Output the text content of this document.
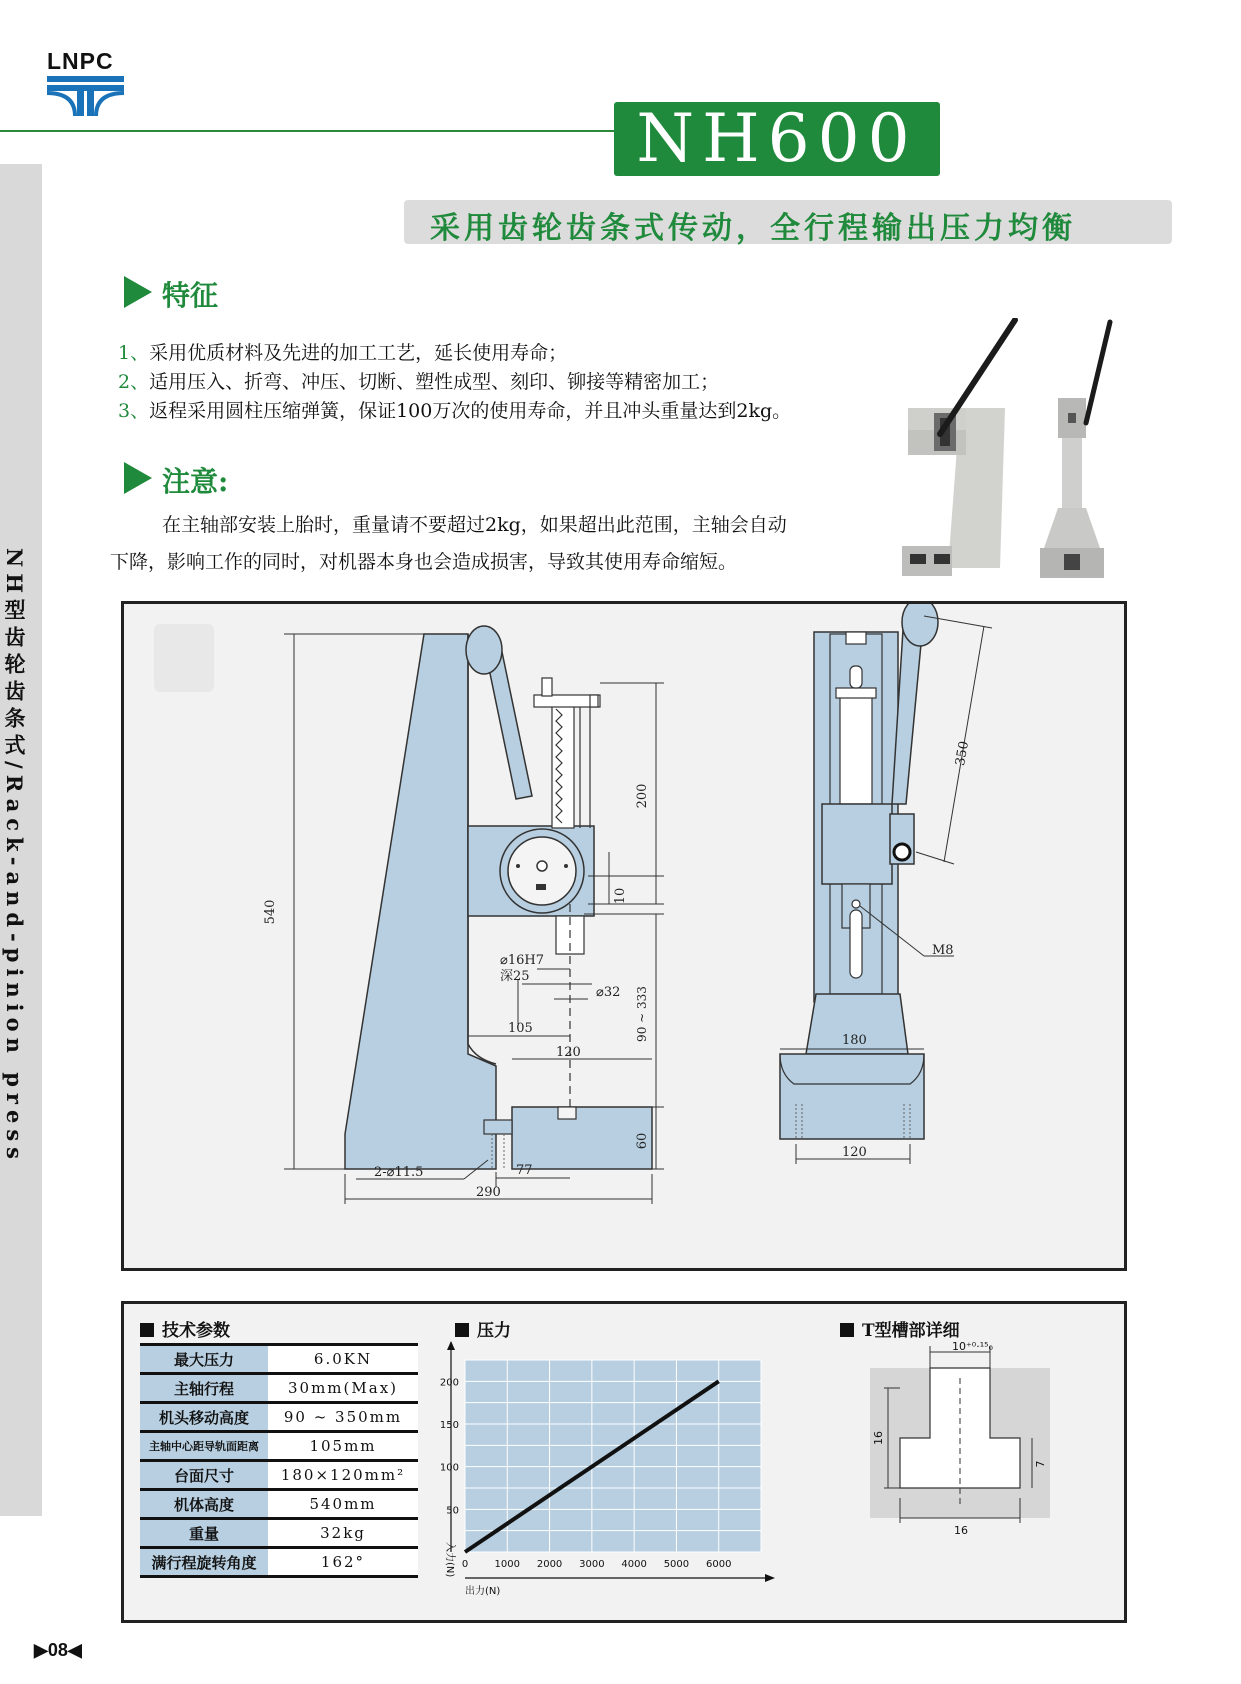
LNPC
NH600
采用齿轮齿条式传动，全行程输出压力均衡
NH型齿轮齿条式/Rack-and-pinion press
特征
1、采用优质材料及先进的加工工艺，延长使用寿命；
2、适用压入、折弯、冲压、切断、塑性成型、刻印、铆接等精密加工；
3、返程采用圆柱压缩弹簧，保证100万次的使用寿命，并且冲头重量达到2kg。
注意:
在主轴部安装上胎时，重量请不要超过2kg，如果超出此范围，主轴会自动
下降，影响工作的同时，对机器本身也会造成损害，导致其使用寿命缩短。
540
200
10
90 ~ 333
60
⌀16H7
深25
⌀32
105
120
2-⌀11.5	77
290
350
M8
180
120
技术参数
最大压力	6.0KN
主轴行程	30mm(Max)
机头移动高度	90 ~ 350mm
主轴中心距导轨面距离	105mm
台面尺寸	180×120mm²
机体高度	540mm
重量	32kg
满行程旋转角度	162°
压力
0	1000 2000 3000 4000 5000 6000
50
100
150
200
出力(N)
入力(N)
T型槽部详细
10⁺⁰·¹⁵₀
16
7
16
▶08◀
